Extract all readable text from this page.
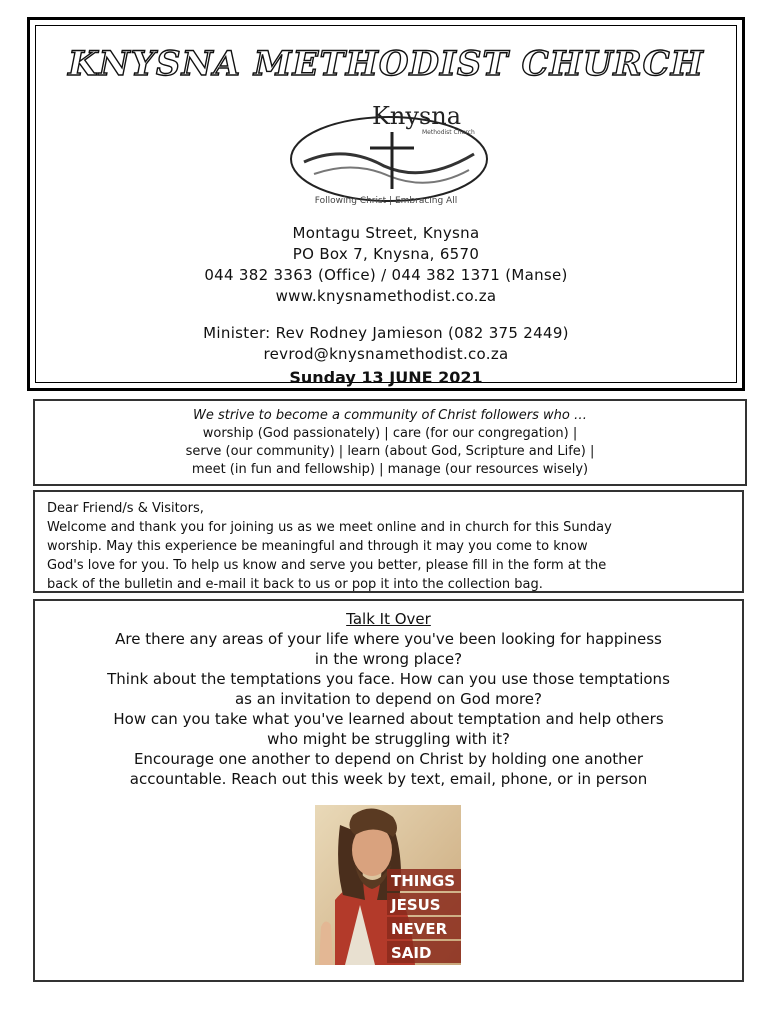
KNYSNA METHODIST CHURCH
Knysna
Methodist Church
Following Christ | Embracing All
Montagu Street, Knysna
PO Box 7, Knysna, 6570
044 382 3363 (Office) / 044 382 1371 (Manse)
www.knysnamethodist.co.za
Minister: Rev Rodney Jamieson (082 375 2449)
revrod@knysnamethodist.co.za
Sunday 13 JUNE 2021
We strive to become a community of Christ followers who …
worship (God passionately) | care (for our congregation) |
serve (our community) | learn (about God, Scripture and Life) |
meet (in fun and fellowship) | manage (our resources wisely)

Dear Friend/s & Visitors,

Welcome and thank you for joining us as we meet online and in church for this Sunday

worship. May this experience be meaningful and through it may you come to know

God's love for you. To help us know and serve you better, please fill in the form at the

back of the bulletin and e-mail it back to us or pop it into the collection bag.

Talk It Over

Are there any areas of your life where you've been looking for happiness

in the wrong place?

Think about the temptations you face. How can you use those temptations

as an invitation to depend on God more?

How can you take what you've learned about temptation and help others

who might be struggling with it?

Encourage one another to depend on Christ by holding one another

accountable. Reach out this week by text, email, phone, or in person

THINGS
JESUS
NEVER
SAID
